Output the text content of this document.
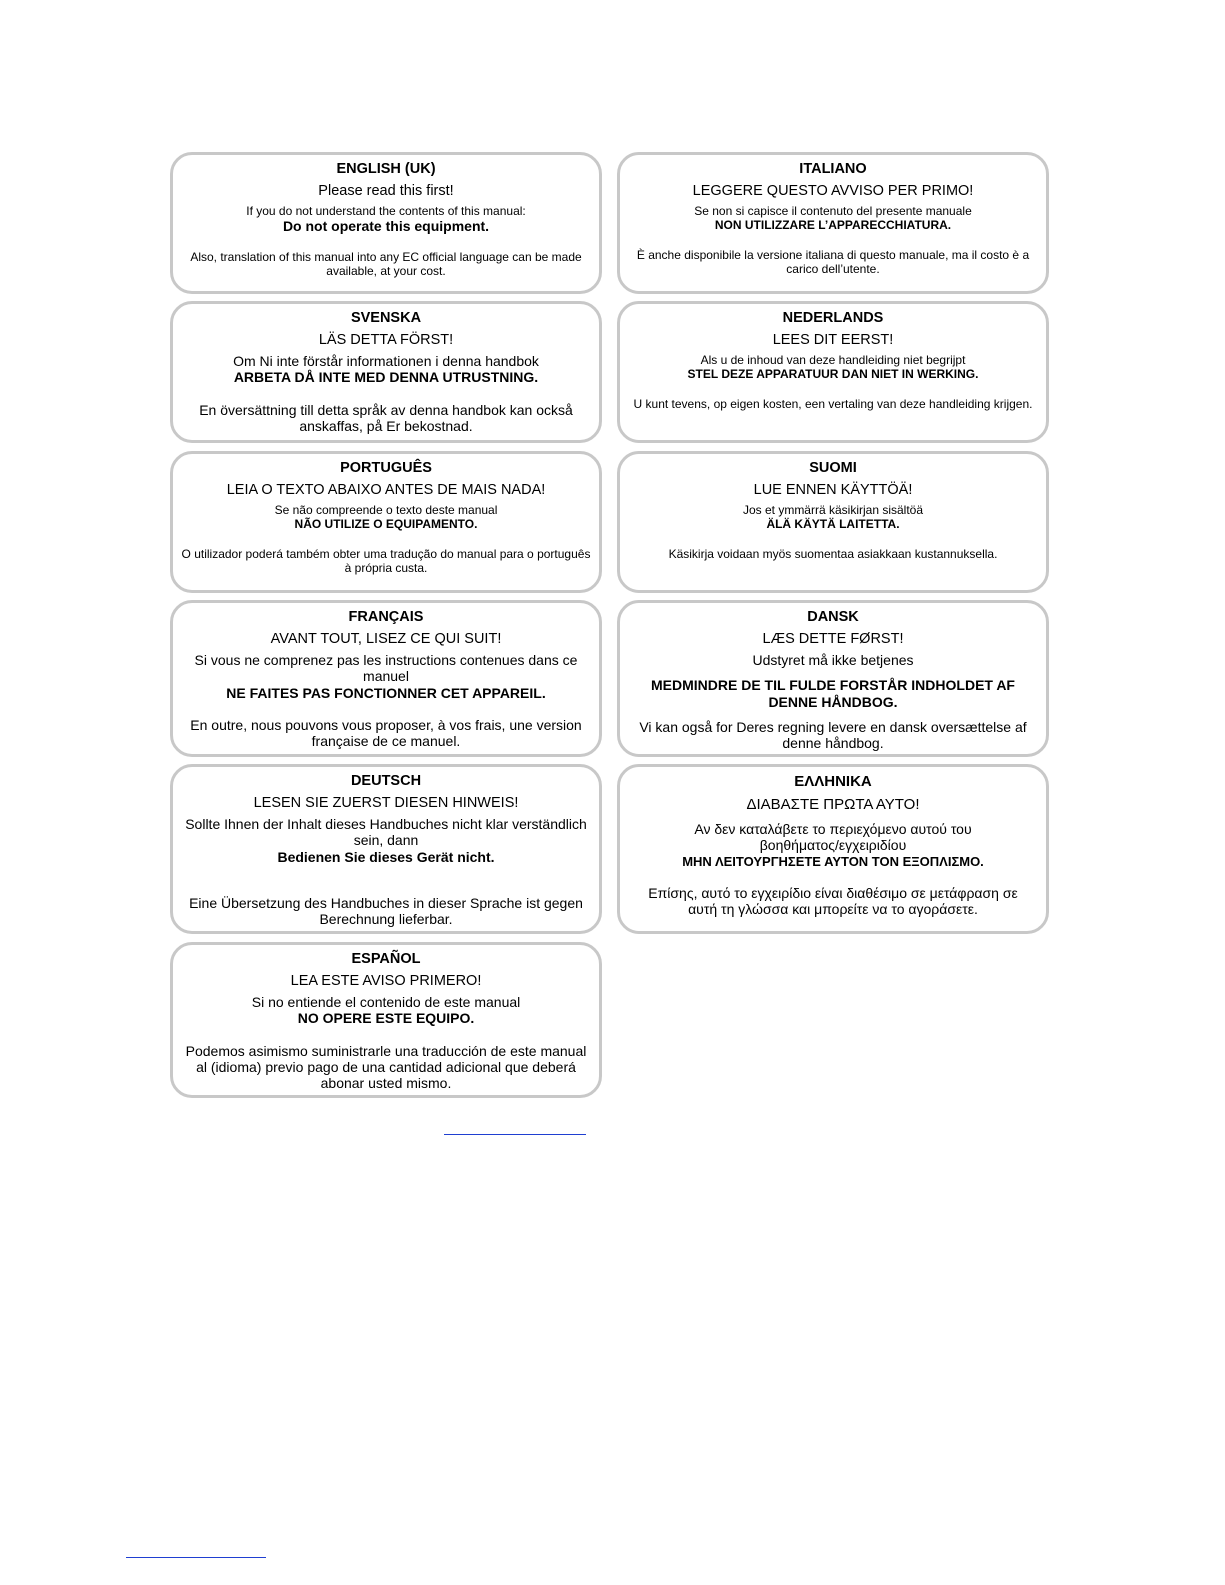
ENGLISH (UK)
Please read this first!
If you do not understand the contents of this manual:
Do not operate this equipment.
Also, translation of this manual into any EC official language can be made available, at your cost.
ITALIANO
LEGGERE QUESTO AVVISO PER PRIMO!
Se non si capisce il contenuto del presente manuale
NON UTILIZZARE L’APPARECCHIATURA.
È anche disponibile la versione italiana di questo manuale, ma il costo è a carico dell’utente.
SVENSKA
LÄS DETTA FÖRST!
Om Ni inte förstår informationen i denna handbok
ARBETA DÅ INTE MED DENNA UTRUSTNING.
En översättning till detta språk av denna handbok kan också anskaffas, på Er bekostnad.
NEDERLANDS
LEES DIT EERST!
Als u de inhoud van deze handleiding niet begrijpt
STEL DEZE APPARATUUR DAN NIET IN WERKING.
U kunt tevens, op eigen kosten, een vertaling van deze handleiding krijgen.
PORTUGUÊS
LEIA O TEXTO ABAIXO ANTES DE MAIS NADA!
Se não compreende o texto deste manual
NÃO UTILIZE O EQUIPAMENTO.
O utilizador poderá também obter uma tradução do manual para o português à própria custa.
SUOMI
LUE ENNEN KÄYTTÖÄ!
Jos et ymmärrä käsikirjan sisältöä
ÄLÄ KÄYTÄ LAITETTA.
Käsikirja voidaan myös suomentaa asiakkaan kustannuksella.
FRANÇAIS
AVANT TOUT, LISEZ CE QUI SUIT!
Si vous ne comprenez pas les instructions contenues dans ce manuel
NE FAITES PAS FONCTIONNER CET APPAREIL.
En outre, nous pouvons vous proposer, à vos frais, une version française de ce manuel.
DANSK
LÆS DETTE FØRST!
Udstyret må ikke betjenes
MEDMINDRE DE TIL FULDE FORSTÅR INDHOLDET AF DENNE HÅNDBOG.
Vi kan også for Deres regning levere en dansk oversættelse af denne håndbog.
DEUTSCH
LESEN SIE ZUERST DIESEN HINWEIS!
Sollte Ihnen der Inhalt dieses Handbuches nicht klar verständlich sein, dann
Bedienen Sie dieses Gerät nicht.
Eine Übersetzung des Handbuches in dieser Sprache ist gegen Berechnung lieferbar.
ΕΛΛΗΝΙΚΑ
ΔΙΑΒΑΣΤΕ ΠΡΩΤΑ ΑΥΤΟ!
Αν δεν καταλάβετε το περιεχόμενο αυτού του βοηθήματος/εγχειριδίου
ΜΗΝ ΛΕΙΤΟΥΡΓΗΣΕΤΕ ΑΥΤΟΝ ΤΟΝ ΕΞΟΠΛΙΣΜΟ.
Επίσης, αυτό το εγχειρίδιο είναι διαθέσιμο σε μετάφραση σε αυτή τη γλώσσα και μπορείτε να το αγοράσετε.
ESPAÑOL
LEA ESTE AVISO PRIMERO!
Si no entiende el contenido de este manual
NO OPERE ESTE EQUIPO.
Podemos asimismo suministrarle una traducción de este manual al (idioma) previo pago de una cantidad adicional que deberá abonar usted mismo.
